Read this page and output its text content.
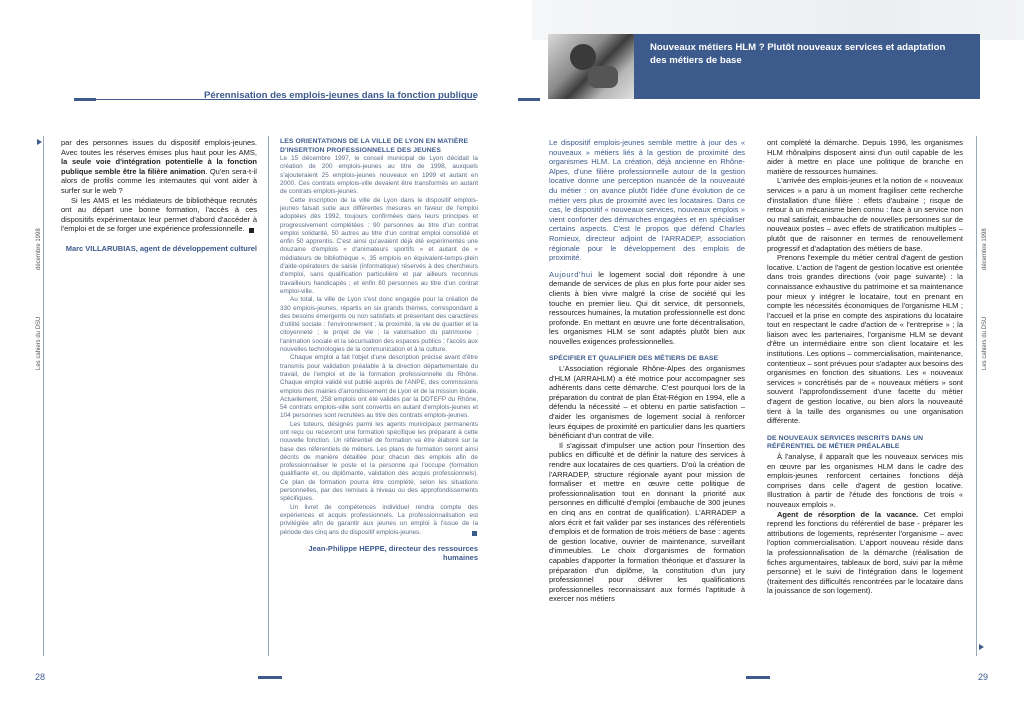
Pérennisation des emplois-jeunes dans la fonction publique
décembre 1998
Les cahiers du DSU

par des personnes issues du dispositif emplois-jeunes. Avec toutes les réserves émises plus haut pour les AMS, la seule voie d'intégration potentielle à la fonction publique semble être la filière animation. Qu'en sera-t-il alors de profils comme les internautes qui vont aider à surfer sur le web ?

Si les AMS et les médiateurs de bibliothèque recrutés ont au départ une bonne formation, l'accès à ces dispositifs expérimentaux leur permet d'abord d'accéder à l'emploi et de se forger une expérience professionnelle.

Marc VILLARUBIAS, agent de développement culturel

LES ORIENTATIONS DE LA VILLE DE LYON EN MATIÈRE D'INSERTION PROFESSIONNELLE DES JEUNES

Le 15 décembre 1997, le conseil municipal de Lyon décidait la création de 200 emplois-jeunes au titre de 1998, auxquels s'ajouteraient 25 emplois-jeunes nouveaux en 1999 et autant en 2000. Ces contrats emplois-ville devaient être transformés en autant de contrats emplois-jeunes.

Cette inscription de la ville de Lyon dans le dispositif emplois-jeunes faisait suite aux différentes mesures en faveur de l'emploi adoptées dès 1992, toujours confirmées dans leurs principes et progressivement complétées : 90 personnes au titre d'un contrat emploi solidarité, 50 autres au titre d'un contrat emploi consolidé et enfin 50 apprentis. C'est ainsi qu'avaient déjà été expérimentés une douzaine d'emplois « d'animateurs sportifs » et autant de « médiateurs de bibliothèque », 35 emplois en équivalent-temps-plein d'aide-opérateurs de saisie (informatique) réservés à des chercheurs d'emploi, sans qualification particulière et par ailleurs reconnus travailleurs handicapés ; et enfin 80 personnes au titre d'un contrat emploi-ville.

Au total, la ville de Lyon s'est donc engagée pour la création de 330 emplois-jeunes, répartis en six grands thèmes, correspondant à des besoins émergents ou non satisfaits et présentant des caractères d'utilité sociale : l'environnement ; la proximité, la vie de quartier et la citoyenneté ; le projet de vie ; la valorisation du patrimoine ; l'animation sociale et la sécurisation des espaces publics ; l'accès aux nouvelles technologies de la communication et à la culture.

Chaque emploi a fait l'objet d'une description précise avant d'être transmis pour validation préalable à la direction départementale du travail, de l'emploi et de la formation professionnelle du Rhône. Chaque emploi validé est publié auprès de l'ANPE, des commissions emplois des mairies d'arrondissement de Lyon et de la mission locale. Actuellement, 258 emplois ont été validés par la DDTEFP du Rhône, 54 contrats emplois-ville sont convertis en autant d'emplois-jeunes et 104 personnes sont recrutées au titre des contrats emplois-jeunes.

Les tuteurs, désignés parmi les agents municipaux permanents ont reçu ou recevront une formation spécifique les préparant à cette nouvelle fonction. Un référentiel de formation va être élaboré sur la base des référentiels de métiers. Les plans de formation seront ainsi décrits de manière détaillée pour chacun des emplois afin de professionnaliser le poste et la personne qui l'occupe (formation qualifiante et, ou diplômante, validation des acquis professionnels). Ce plan de formation pourra être complété, selon les situations personnelles, par des remises à niveau ou des approfondissements spécifiques.

Un livret de compétences individuel rendra compte des expériences et acquis professionnels. La professionnalisation est privilégiée afin de garantir aux jeunes un emploi à l'issue de la période des cinq ans du dispositif emplois-jeunes.

Jean-Philippe HEPPE, directeur des ressources humaines

28
Nouveaux métiers HLM ? Plutôt nouveaux services et adaptation des métiers de base

Le dispositif emplois-jeunes semble mettre à jour des « nouveaux » métiers liés à la gestion de proximité des organismes HLM. La création, déjà ancienne en Rhône-Alpes, d'une filière professionnelle autour de la gestion locative donne une perception nuancée de la nouveauté du métier : on avance plutôt l'idée d'une évolution de ce métier vers plus de proximité avec les locataires. Dans ce cas, le dispositif « nouveaux services, nouveaux emplois » vient conforter des démarches engagées et en spécialiser certains aspects. C'est le propos que défend Charles Romieux, directeur adjoint de l'ARRADEP, association régionale pour le développement des emplois de proximité.

Aujourd'hui le logement social doit répondre à une demande de services de plus en plus forte pour aider ses clients à bien vivre malgré la crise de société qui les touche en premier lieu. Qui dit service, dit personnels, ressources humaines, la mutation professionnelle est donc profonde. En mettant en œuvre une forte décentralisation, les organismes HLM se sont adaptés plutôt bien aux nouvelles exigences professionnelles.

SPÉCIFIER ET QUALIFIER DES MÉTIERS DE BASE

L'Association régionale Rhône-Alpes des organismes d'HLM (ARRAHLM) a été motrice pour accompagner ses adhérents dans cette démarche. C'est pourquoi lors de la préparation du contrat de plan État-Région en 1994, elle a défendu la nécessité – et obtenu en partie satisfaction – d'aider les organismes de logement social à renforcer leurs équipes de proximité en particulier dans les quartiers bénéficiant d'un contrat de ville.

Il s'agissait d'impulser une action pour l'insertion des publics en difficulté et de définir la nature des services à rendre aux locataires de ces quartiers. D'où la création de l'ARRADEP, structure régionale ayant pour mission de formaliser et mettre en œuvre cette politique de professionnalisation tout en donnant la priorité aux personnes en difficulté d'emploi (embauche de 300 jeunes en cinq ans en contrat de qualification). L'ARRADEP a alors écrit et fait valider par ses instances des référentiels d'emplois et de formation de trois métiers de base : agents de gestion locative, ouvrier de maintenance, surveillant d'immeubles. Le choix d'organismes de formation capables d'apporter la formation théorique et d'assurer la préparation d'un diplôme, la constitution d'un jury professionnel pour délivrer les qualifications professionnelles reconnaissant aux formés l'aptitude à exercer nos métiers

ont complété la démarche. Depuis 1996, les organismes HLM rhônalpins disposent ainsi d'un outil capable de les aider à mettre en place une politique de branche en matière de ressources humaines.

L'arrivée des emplois-jeunes et la notion de « nouveaux services » a paru à un moment fragiliser cette recherche d'installation d'une filière : effets d'aubaine ; risque de retour à un mécanisme bien connu : face à un service non ou mal satisfait, embauche de nouvelles personnes sur de nouveaux postes – avec effets de stratification multiples – plutôt que de raisonner en termes de renouvellement progressif et d'adaptation des métiers de base.

Prenons l'exemple du métier central d'agent de gestion locative. L'action de l'agent de gestion locative est orientée dans trois grandes directions (voir page suivante) : la connaissance exhaustive du patrimoine et sa maintenance pour mieux y intégrer le locataire, tout en prenant en compte les nécessités économiques de l'organisme HLM ; l'accueil et la prise en compte des aspirations du locataire tout en respectant le cadre d'action de « l'entreprise » ; la liaison avec les partenaires, l'organisme HLM se devant d'être un intermédiaire entre son client locataire et les institutions. Les options – commercialisation, maintenance, contentieux – sont prévues pour s'adapter aux besoins des organismes en fonction des situations. Les « nouveaux services » concrétisés par de « nouveaux métiers » sont souvent l'approfondissement d'une facette du métier d'agent de gestion locative, ou bien alors la nouveauté tient à la taille des organismes ou une organisation différente.

DE NOUVEAUX SERVICES INSCRITS DANS UN RÉFÉRENTIEL DE MÉTIER PRÉALABLE

À l'analyse, il apparaît que les nouveaux services mis en œuvre par les organismes HLM dans le cadre des emplois-jeunes renforcent certaines fonctions déjà comprises dans celle d'agent de gestion locative. Illustration à partir de l'étude des fonctions de trois « nouveaux emplois ».

Agent de résorption de la vacance. Cet emploi reprend les fonctions du référentiel de base - préparer les attributions de logements, représenter l'organisme – avec l'option commercialisation. L'apport nouveau réside dans la professionnalisation de la démarche (réalisation de fiches argumentaires, tableaux de bord, suivi par la même personne) et le suivi de l'intégration dans le logement (traitement des difficultés rencontrées par le locataire dans la jouissance de son logement).

décembre 1998
Les cahiers du DSU
29
